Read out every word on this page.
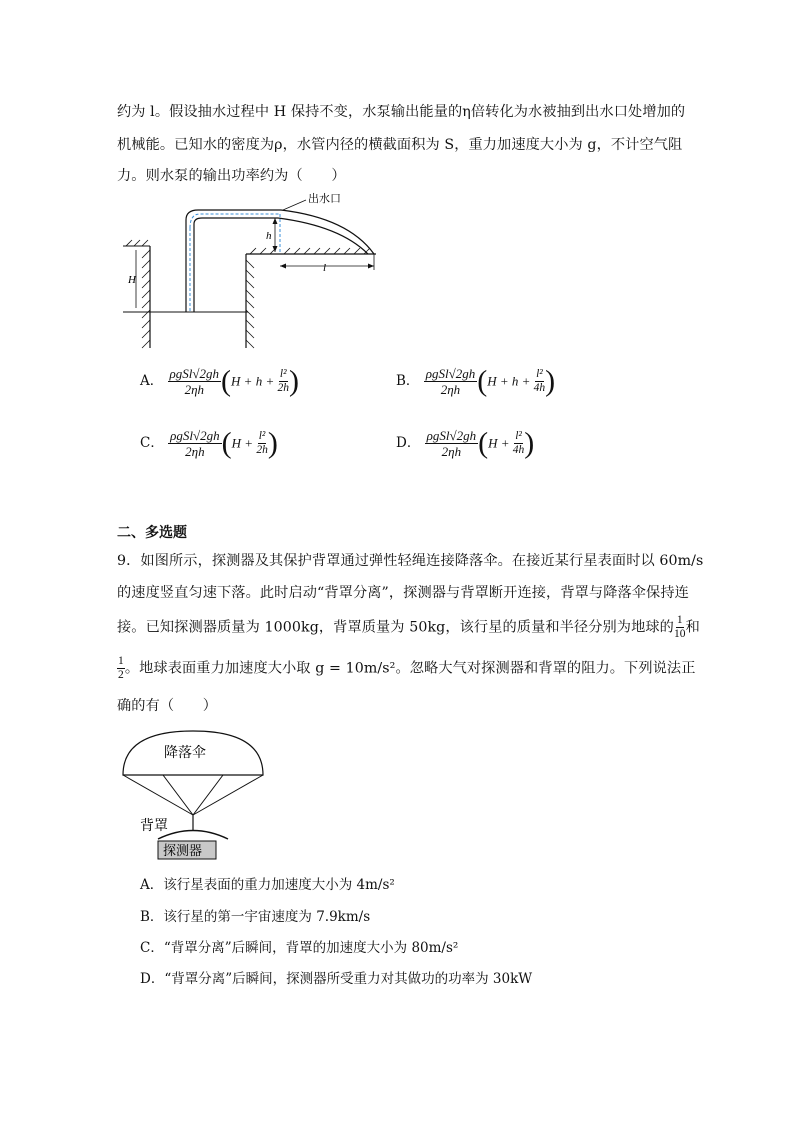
约为 l。假设抽水过程中 H 保持不变，水泵输出能量的η倍转化为水被抽到出水口处增加的
机械能。已知水的密度为ρ，水管内径的横截面积为 S，重力加速度大小为 g，不计空气阻
力。则水泵的输出功率约为（　　）
H
h
出水口
l
A． $\frac{\text{ρgSl√2gh}}{2\eta h} (H + h + \frac{\text{l²}}{2h}$ )	B． $\frac{\text{ρgSl√2gh}}{2\eta h} (H + h + \frac{\text{l²}}{4h}$ )
C． $\frac{\text{ρgSl√2gh}}{2\eta h} (H + \frac{\text{l²}}{2h}$ )	D． $\frac{\text{ρgSl√2gh}}{2\eta h} (H + \frac{\text{l²}}{4h}$ )
二、多选题
9．如图所示，探测器及其保护背罩通过弹性轻绳连接降落伞。在接近某行星表面时以 60m/s
的速度竖直匀速下落。此时启动“背罩分离”，探测器与背罩断开连接，背罩与降落伞保持连
接。已知探测器质量为 1000kg，背罩质量为 50kg，该行星的质量和半径分别为地球的 $\frac{1}{10}$ 和
$\frac{1}{2}$ 。地球表面重力加速度大小取 g = 10m/s²。忽略大气对探测器和背罩的阻力。下列说法正
确的有（　　）
降落伞
背罩
探测器
A．该行星表面的重力加速度大小为 4m/s²
B．该行星的第一宇宙速度为 7.9km/s
C．“背罩分离”后瞬间，背罩的加速度大小为 80m/s²
D．“背罩分离”后瞬间，探测器所受重力对其做功的功率为 30kW
